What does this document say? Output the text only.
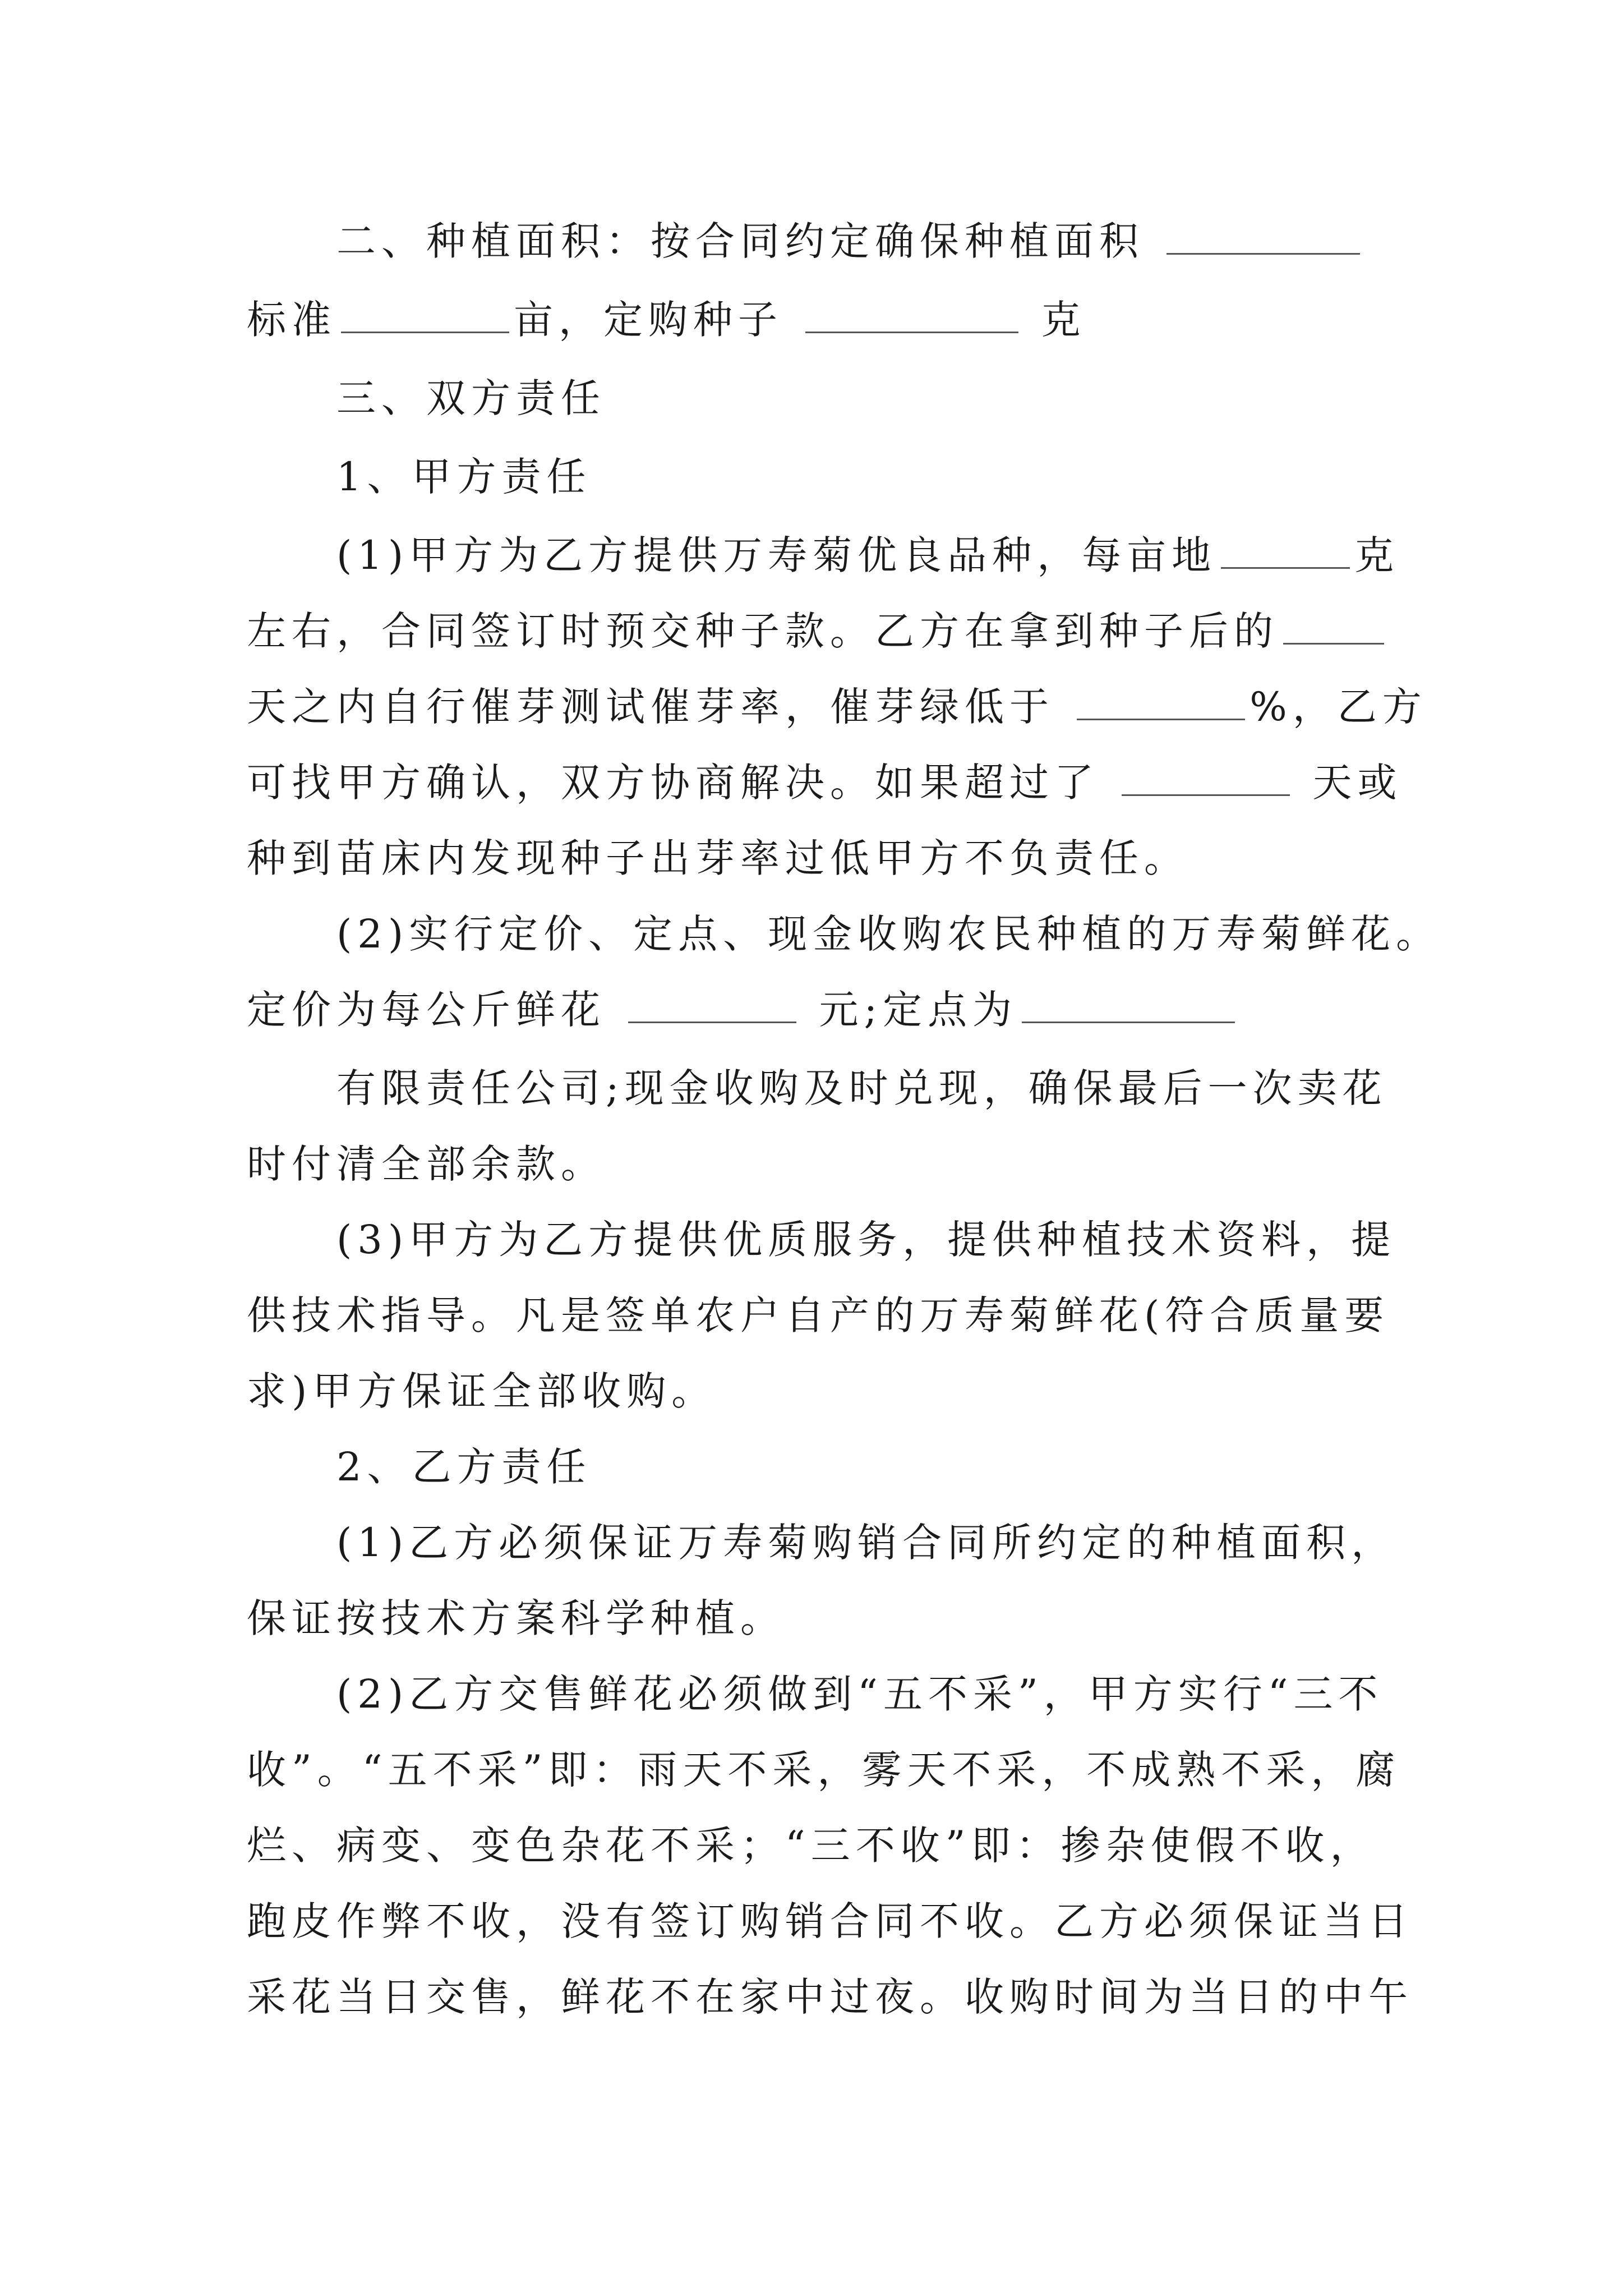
二、种植面积：按合同约定确保种植面积
标准	亩，定购种子	克
三、双方责任
1、甲方责任
(1)甲方为乙方提供万寿菊优良品种，每亩地	克
左右，合同签订时预交种子款。乙方在拿到种子后的
天之内自行催芽测试催芽率，催芽绿低于	%，乙方
可找甲方确认，双方协商解决。如果超过了	天或
种到苗床内发现种子出芽率过低甲方不负责任。
(2)实行定价、定点、现金收购农民种植的万寿菊鲜花。
定价为每公斤鲜花	元;定点为
有限责任公司;现金收购及时兑现，确保最后一次卖花
时付清全部余款。
(3)甲方为乙方提供优质服务，提供种植技术资料，提
供技术指导。凡是签单农户自产的万寿菊鲜花(符合质量要
求)甲方保证全部收购。
2、乙方责任
(1)乙方必须保证万寿菊购销合同所约定的种植面积，
保证按技术方案科学种植。
(2)乙方交售鲜花必须做到“五不采”，甲方实行“三不
收”。“五不采”即：雨天不采，雾天不采，不成熟不采，腐
烂、病变、变色杂花不采；“三不收”即：掺杂使假不收，
跑皮作弊不收，没有签订购销合同不收。乙方必须保证当日
采花当日交售，鲜花不在家中过夜。收购时间为当日的中午
